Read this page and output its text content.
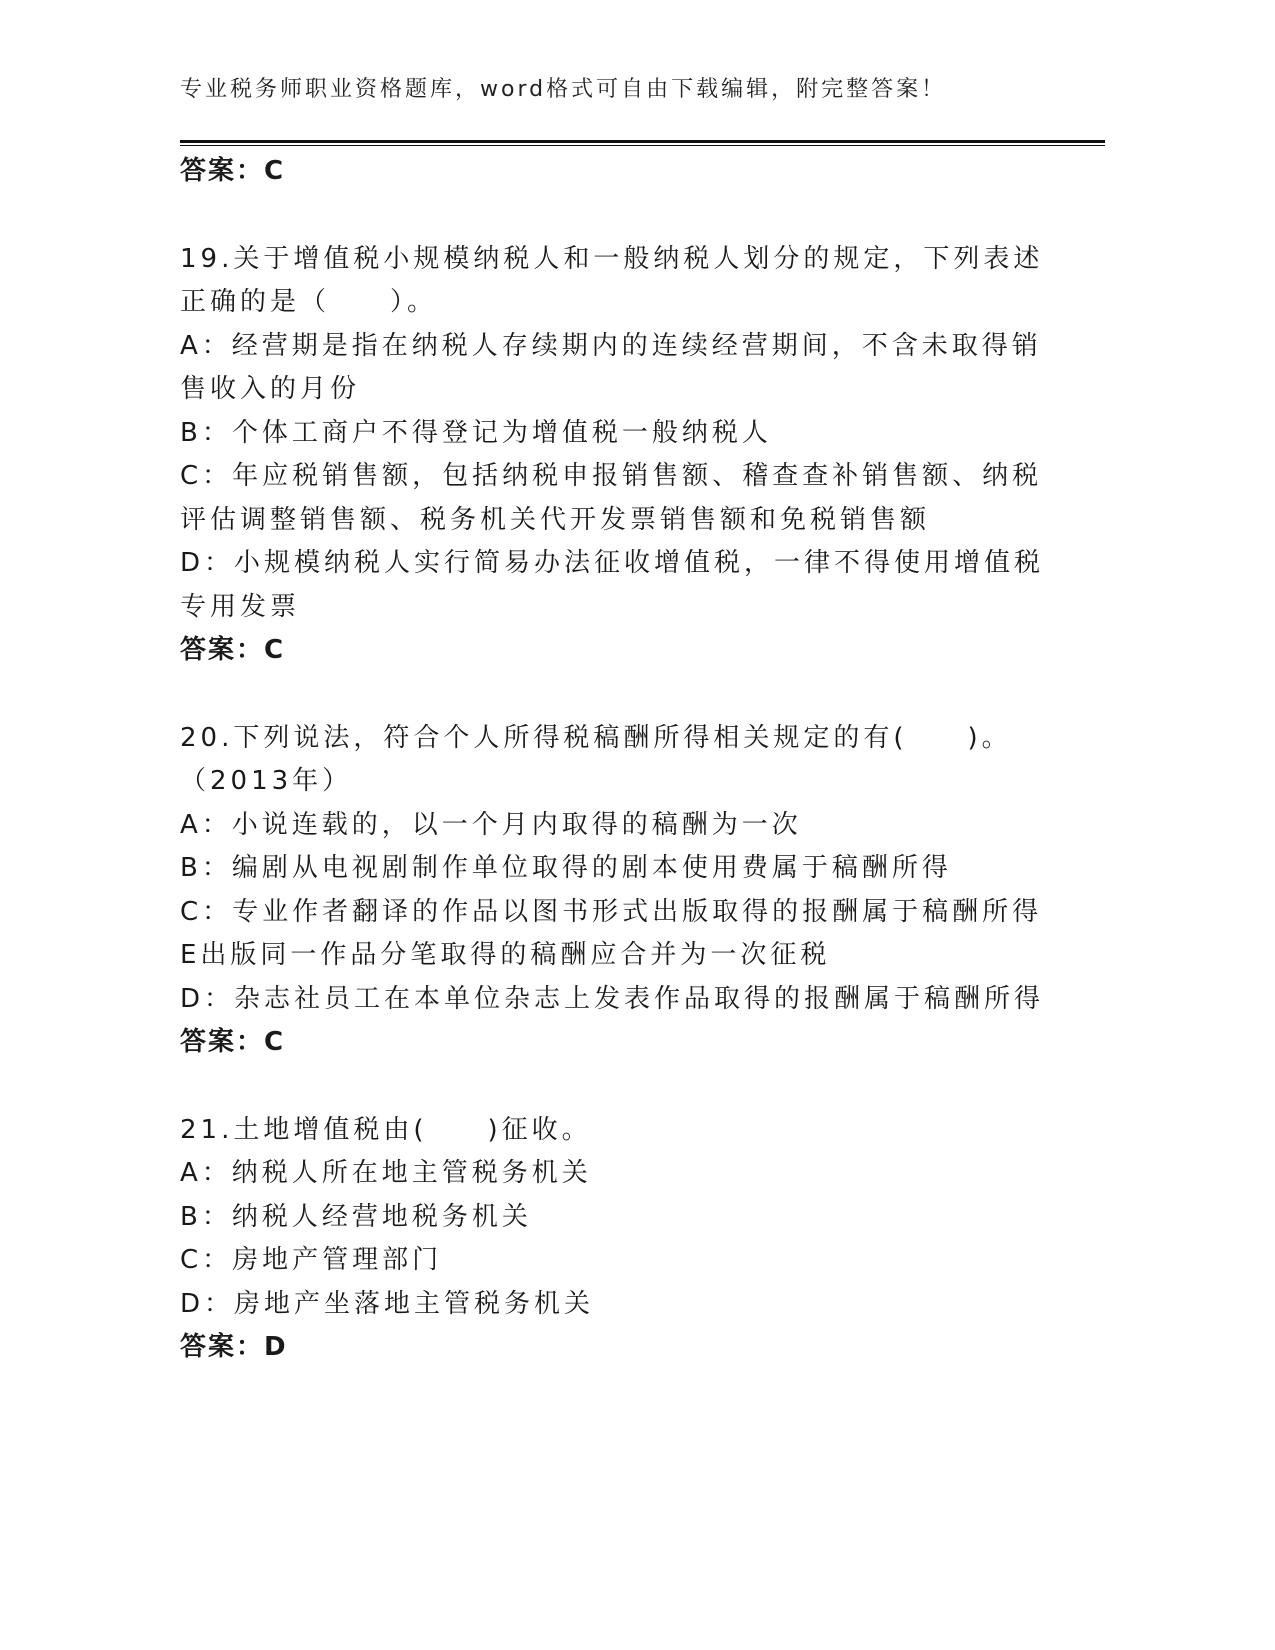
专业税务师职业资格题库，word格式可自由下载编辑，附完整答案！

答案：C

19.关于增值税小规模纳税人和一般纳税人划分的规定，下列表述正确的是（　　）。

A：经营期是指在纳税人存续期内的连续经营期间，不含未取得销售收入的月份

B：个体工商户不得登记为增值税一般纳税人

C：年应税销售额，包括纳税申报销售额、稽查查补销售额、纳税评估调整销售额、税务机关代开发票销售额和免税销售额

D：小规模纳税人实行简易办法征收增值税，一律不得使用增值税专用发票

答案：C

20.下列说法，符合个人所得税稿酬所得相关规定的有(　　)。（2013年）

A：小说连载的，以一个月内取得的稿酬为一次

B：编剧从电视剧制作单位取得的剧本使用费属于稿酬所得

C：专业作者翻译的作品以图书形式出版取得的报酬属于稿酬所得E出版同一作品分笔取得的稿酬应合并为一次征税

D：杂志社员工在本单位杂志上发表作品取得的报酬属于稿酬所得

答案：C

21.土地增值税由(　　)征收。

A：纳税人所在地主管税务机关

B：纳税人经营地税务机关

C：房地产管理部门

D：房地产坐落地主管税务机关

答案：D
